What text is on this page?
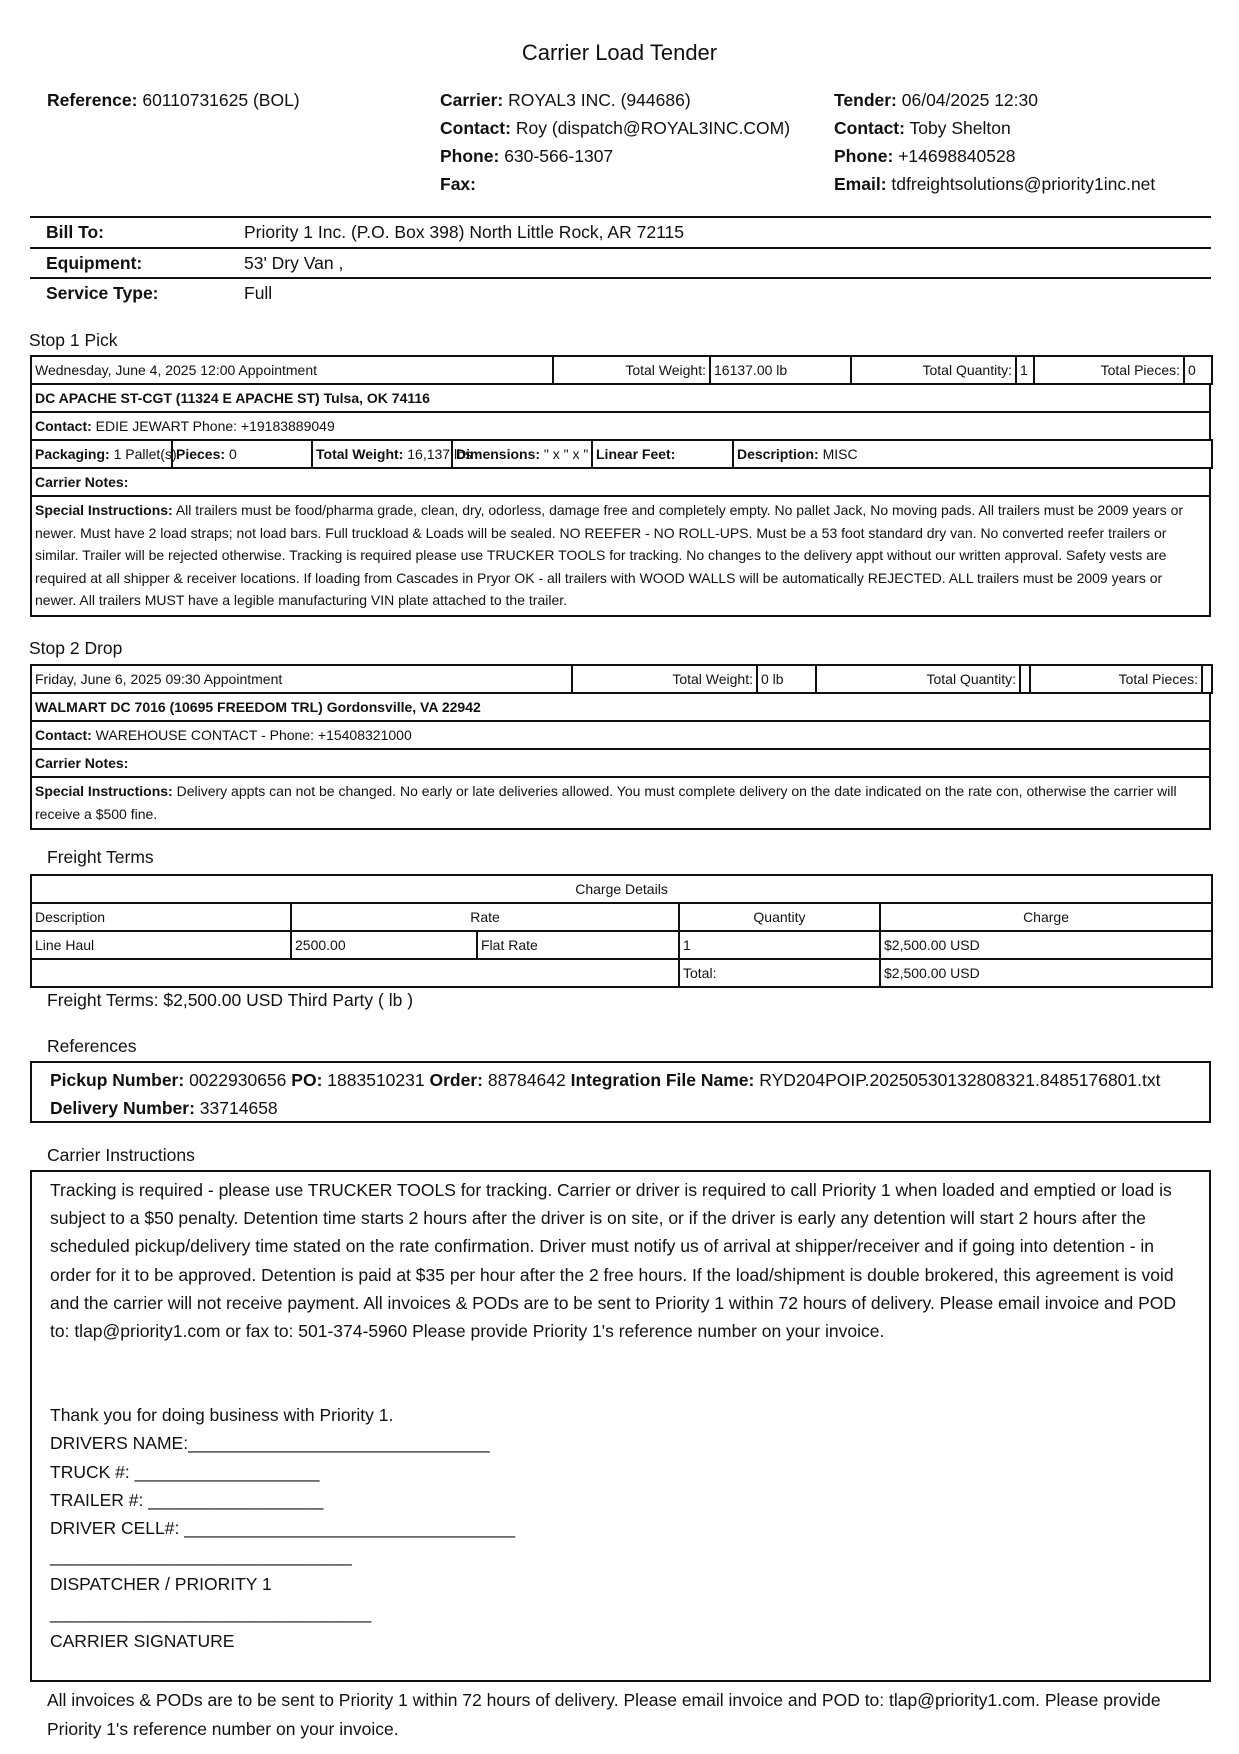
Carrier Load Tender
Reference: 60110731625 (BOL)	Carrier: ROYAL3 INC. (944686)
Contact: Roy (dispatch@ROYAL3INC.COM)
Phone: 630-566-1307
Fax:
Tender: 06/04/2025 12:30
Contact: Toby Shelton
Phone: +14698840528
Email: tdfreightsolutions@priority1inc.net
Bill To:	Priority 1 Inc. (P.O. Box 398) North Little Rock, AR 72115
Equipment:	53' Dry Van ,
Service Type:	Full
Stop 1 Pick
Wednesday, June 4, 2025 12:00 Appointment	Total Weight:	16137.00 lb	Total Quantity:	1	Total Pieces:	0
DC APACHE ST-CGT (11324 E APACHE ST) Tulsa, OK 74116
Contact: EDIE JEWART Phone: +19183889049
Packaging: 1 Pallet(s)	Pieces: 0	Total Weight: 16,137 lbs	Dimensions: " x " x "	Linear Feet:	Description: MISC
Carrier Notes:
Special Instructions: All trailers must be food/pharma grade, clean, dry, odorless, damage free and completely empty. No pallet Jack, No moving pads. All trailers must be 2009 years or newer. Must have 2 load straps; not load bars. Full truckload & Loads will be sealed. NO REEFER - NO ROLL-UPS. Must be a 53 foot standard dry van. No converted reefer trailers or similar. Trailer will be rejected otherwise. Tracking is required please use TRUCKER TOOLS for tracking. No changes to the delivery appt without our written approval. Safety vests are required at all shipper & receiver locations. If loading from Cascades in Pryor OK - all trailers with WOOD WALLS will be automatically REJECTED. ALL trailers must be 2009 years or newer. All trailers MUST have a legible manufacturing VIN plate attached to the trailer.
Stop 2 Drop
Friday, June 6, 2025 09:30 Appointment	Total Weight:	0 lb	Total Quantity:		Total Pieces:	
WALMART DC 7016 (10695 FREEDOM TRL) Gordonsville, VA 22942
Contact: WAREHOUSE CONTACT - Phone: +15408321000
Carrier Notes:
Special Instructions: Delivery appts can not be changed. No early or late deliveries allowed. You must complete delivery on the date indicated on the rate con, otherwise the carrier will receive a $500 fine.
Freight Terms
Charge Details				
Description	Rate		Quantity	Charge
Line Haul	2500.00	Flat Rate	1	$2,500.00 USD
			Total:	$2,500.00 USD
Freight Terms: $2,500.00 USD Third Party ( lb )
References
Pickup Number: 0022930656 PO: 1883510231 Order: 88784642 Integration File Name: RYD204POIP.20250530132808321.8485176801.txt Delivery Number: 33714658
Carrier Instructions

Tracking is required - please use TRUCKER TOOLS for tracking. Carrier or driver is required to call Priority 1 when loaded and emptied or load is subject to a $50 penalty. Detention time starts 2 hours after the driver is on site, or if the driver is early any detention will start 2 hours after the scheduled pickup/delivery time stated on the rate confirmation. Driver must notify us of arrival at shipper/receiver and if going into detention - in order for it to be approved. Detention is paid at $35 per hour after the 2 free hours. If the load/shipment is double brokered, this agreement is void and the carrier will not receive payment. All invoices & PODs are to be sent to Priority 1 within 72 hours of delivery. Please email invoice and POD to: tlap@priority1.com or fax to: 501-374-5960 Please provide Priority 1's reference number on your invoice.

Thank you for doing business with Priority 1.

DRIVERS NAME:_______________________________

TRUCK #: ___________________

TRAILER #: __________________

DRIVER CELL#: __________________________________

_______________________________

DISPATCHER / PRIORITY 1

_________________________________

CARRIER SIGNATURE

All invoices & PODs are to be sent to Priority 1 within 72 hours of delivery. Please email invoice and POD to: tlap@priority1.com. Please provide Priority 1's reference number on your invoice.
